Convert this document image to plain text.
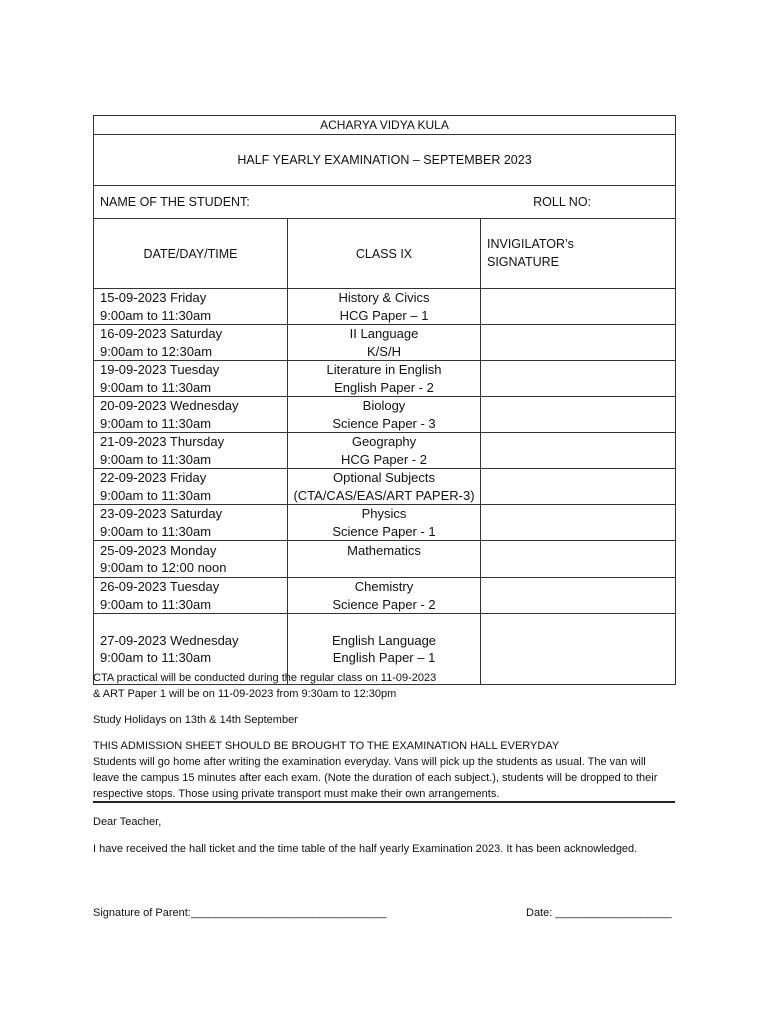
ACHARYA VIDYA KULA		
HALF YEARLY EXAMINATION – SEPTEMBER 2023		

NAME OF THE STUDENT: ROLL NO:		

DATE/DAY/TIME	CLASS IX	INVIGILATOR’s
SIGNATURE

15-09-2023 Friday
9:00am to 11:30am	History & Civics
HCG Paper – 1	

16-09-2023 Saturday
9:00am to 12:30am	II Language
K/S/H	

19-09-2023 Tuesday
9:00am to 11:30am	Literature in English
English Paper - 2	

20-09-2023 Wednesday
9:00am to 11:30am	Biology
Science Paper - 3	

21-09-2023 Thursday
9:00am to 11:30am	Geography
HCG Paper - 2	

22-09-2023 Friday
9:00am to 11:30am	Optional Subjects
(CTA/CAS/EAS/ART PAPER-3)	

23-09-2023 Saturday
9:00am to 11:30am	Physics
Science Paper - 1	

25-09-2023 Monday
9:00am to 12:00 noon	Mathematics	

26-09-2023 Tuesday
9:00am to 11:30am	Chemistry
Science Paper - 2	

27-09-2023 Wednesday
9:00am to 11:30am	English Language
English Paper – 1	

CTA practical will be conducted during the regular class on 11-09-2023
& ART Paper 1 will be on 11-09-2023 from 9:30am to 12:30pm
Study Holidays on 13th & 14th September
THIS ADMISSION SHEET SHOULD BE BROUGHT TO THE EXAMINATION HALL EVERYDAY
Students will go home after writing the examination everyday. Vans will pick up the students as usual. The van will leave the campus 15 minutes after each exam. (Note the duration of each subject.), students will be dropped to their respective stops. Those using private transport must make their own arrangements.
Dear Teacher,
I have received the hall ticket and the time table of the half yearly Examination 2023. It has been acknowledged.
Signature of Parent:________________________________	Date: ___________________
